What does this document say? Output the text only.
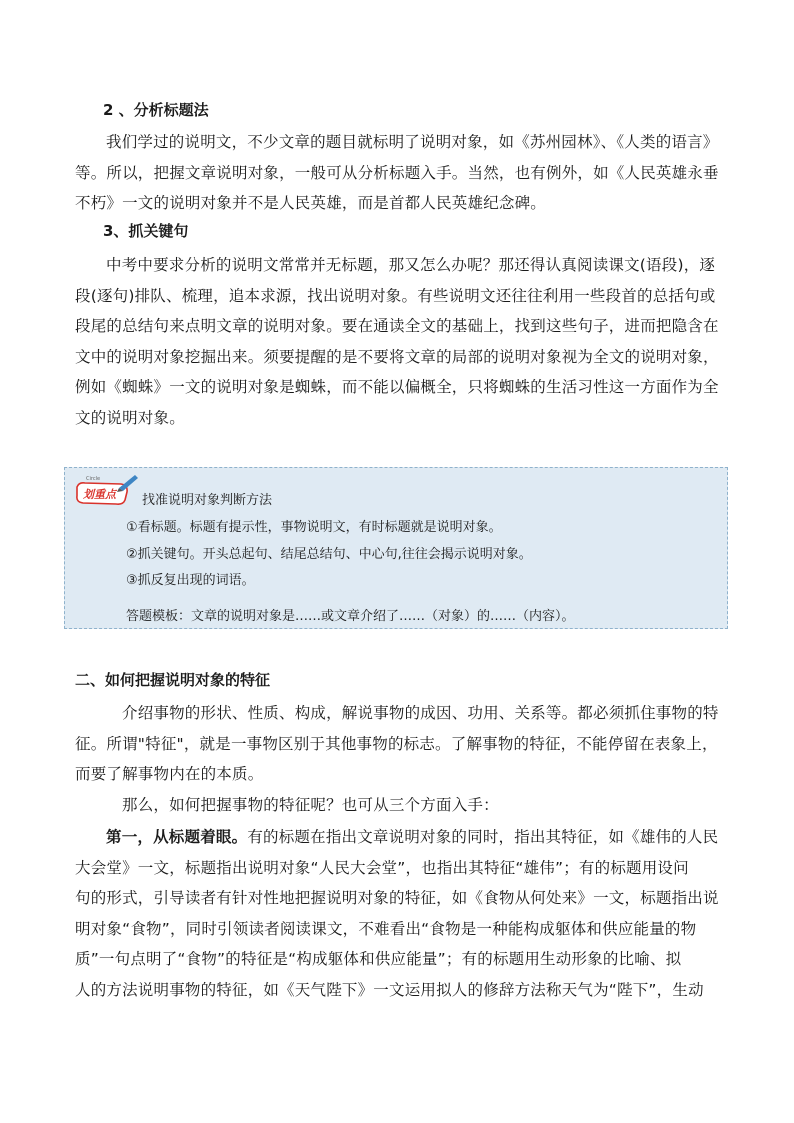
2 、分析标题法
我们学过的说明文，不少文章的题目就标明了说明对象，如《苏州园林》、《人类的语言》
等。所以，把握文章说明对象，一般可从分析标题入手。当然，也有例外，如《人民英雄永垂
不朽》一文的说明对象并不是人民英雄，而是首都人民英雄纪念碑。
3、抓关键句
中考中要求分析的说明文常常并无标题，那又怎么办呢？那还得认真阅读课文(语段)，逐
段(逐句)排队、梳理，追本求源，找出说明对象。有些说明文还往往利用一些段首的总括句或
段尾的总结句来点明文章的说明对象。要在通读全文的基础上，找到这些句子，进而把隐含在
文中的说明对象挖掘出来。须要提醒的是不要将文章的局部的说明对象视为全文的说明对象，
例如《蜘蛛》一文的说明对象是蜘蛛，而不能以偏概全，只将蜘蛛的生活习性这一方面作为全
文的说明对象。
Circle
划重点 找准说明对象判断方法
①看标题。标题有提示性，事物说明文，有时标题就是说明对象。
②抓关键句。开头总起句、结尾总结句、中心句,往往会揭示说明对象。
③抓反复出现的词语。
答题模板：文章的说明对象是……或文章介绍了……（对象）的……（内容）。
二、如何把握说明对象的特征
介绍事物的形状、性质、构成，解说事物的成因、功用、关系等。都必须抓住事物的特
征。所谓"特征"，就是一事物区别于其他事物的标志。了解事物的特征，不能停留在表象上，
而要了解事物内在的本质。
那么，如何把握事物的特征呢？也可从三个方面入手：
第一，从标题着眼。有的标题在指出文章说明对象的同时，指出其特征，如《雄伟的人民
大会堂》一文，标题指出说明对象“人民大会堂”，也指出其特征“雄伟”；有的标题用设问
句的形式，引导读者有针对性地把握说明对象的特征，如《食物从何处来》一文，标题指出说
明对象“食物”，同时引领读者阅读课文，不难看出“食物是一种能构成躯体和供应能量的物
质”一句点明了“食物”的特征是“构成躯体和供应能量”；有的标题用生动形象的比喻、拟
人的方法说明事物的特征，如《天气陛下》一文运用拟人的修辞方法称天气为“陛下”，生动
